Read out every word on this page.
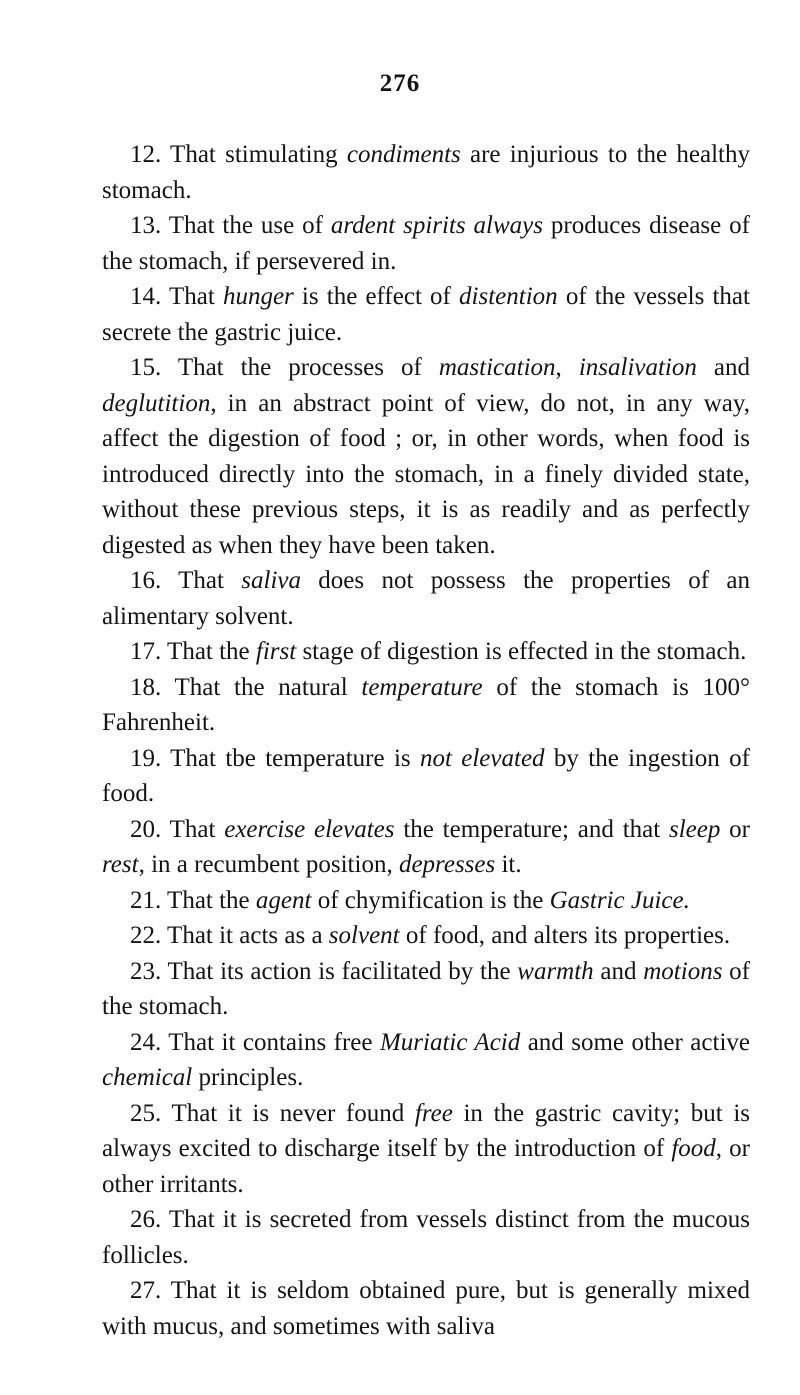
276

12. That stimulating condiments are injurious to the healthy stomach.

13. That the use of ardent spirits always produces disease of the stomach, if persevered in.

14. That hunger is the effect of distention of the vessels that secrete the gastric juice.

15. That the processes of mastication, insalivation and deglutition, in an abstract point of view, do not, in any way, affect the digestion of food ; or, in other words, when food is introduced directly into the stomach, in a finely divided state, without these previous steps, it is as readily and as perfectly digested as when they have been taken.

16. That saliva does not possess the properties of an alimentary solvent.

17. That the first stage of digestion is effected in the stomach.

18. That the natural temperature of the stomach is 100° Fahrenheit.

19. That tbe temperature is not elevated by the ingestion of food.

20. That exercise elevates the temperature; and that sleep or rest, in a recumbent position, depresses it.

21. That the agent of chymification is the Gastric Juice.

22. That it acts as a solvent of food, and alters its properties.

23. That its action is facilitated by the warmth and motions of the stomach.

24. That it contains free Muriatic Acid and some other active chemical principles.

25. That it is never found free in the gastric cavity; but is always excited to discharge itself by the introduction of food, or other irritants.

26. That it is secreted from vessels distinct from the mucous follicles.

27. That it is seldom obtained pure, but is generally mixed with mucus, and sometimes with saliva
